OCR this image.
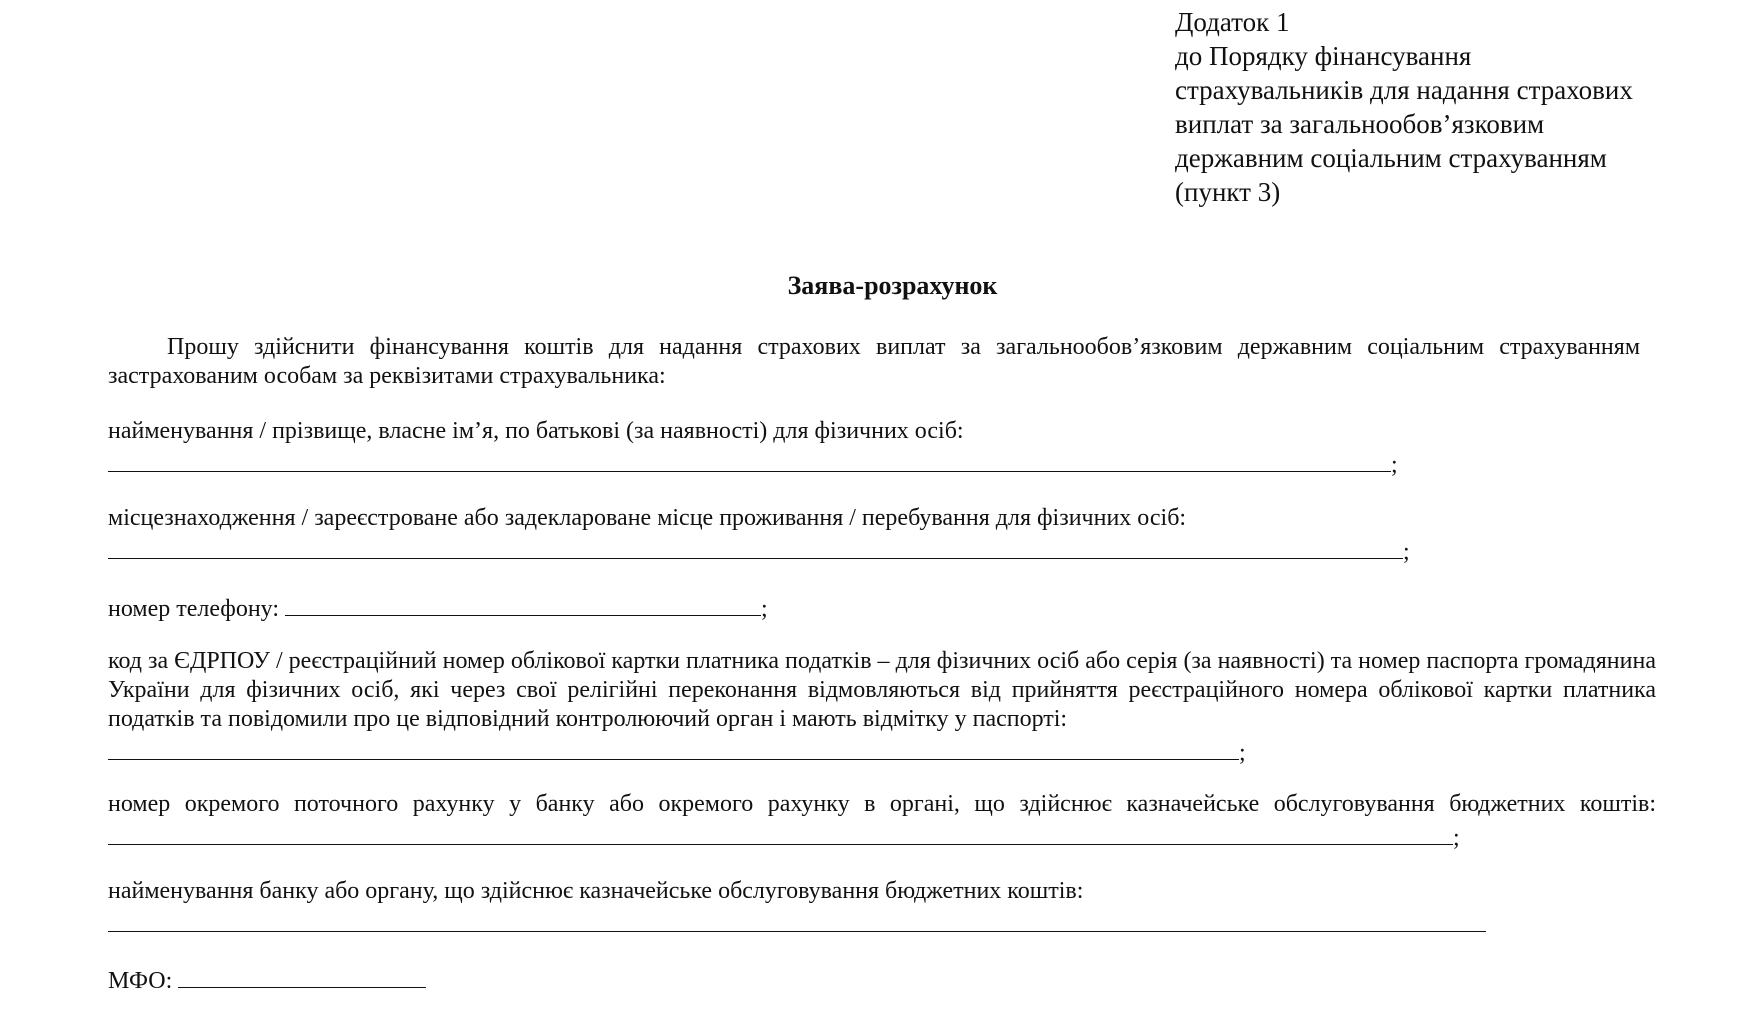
Додаток 1
до Порядку фінансування
страхувальників для надання страхових
виплат за загальнообов’язковим
державним соціальним страхуванням
(пункт 3)
Заява-розрахунок
Прошу здійснити фінансування коштів для надання страхових виплат за загальнообов’язковим державним соціальним страхуванням застрахованим особам за реквізитами страхувальника:
найменування / прізвище, власне ім’я, по батькові (за наявності) для фізичних осіб:
;
місцезнаходження / зареєстроване або задеклароване місце проживання / перебування для фізичних осіб:
;
номер телефону:	;
код за ЄДРПОУ / реєстраційний номер облікової картки платника податків – для фізичних осіб або серія (за наявності) та номер паспорта громадянина України для фізичних осіб, які через свої релігійні переконання відмовляються від прийняття реєстраційного номера облікової картки платника податків та повідомили про це відповідний контролюючий орган і мають відмітку у паспорті:
;
номер окремого поточного рахунку у банку або окремого рахунку в органі, що здійснює казначейське обслуговування бюджетних коштів:
;
найменування банку або органу, що здійснює казначейське обслуговування бюджетних коштів:
МФО:
